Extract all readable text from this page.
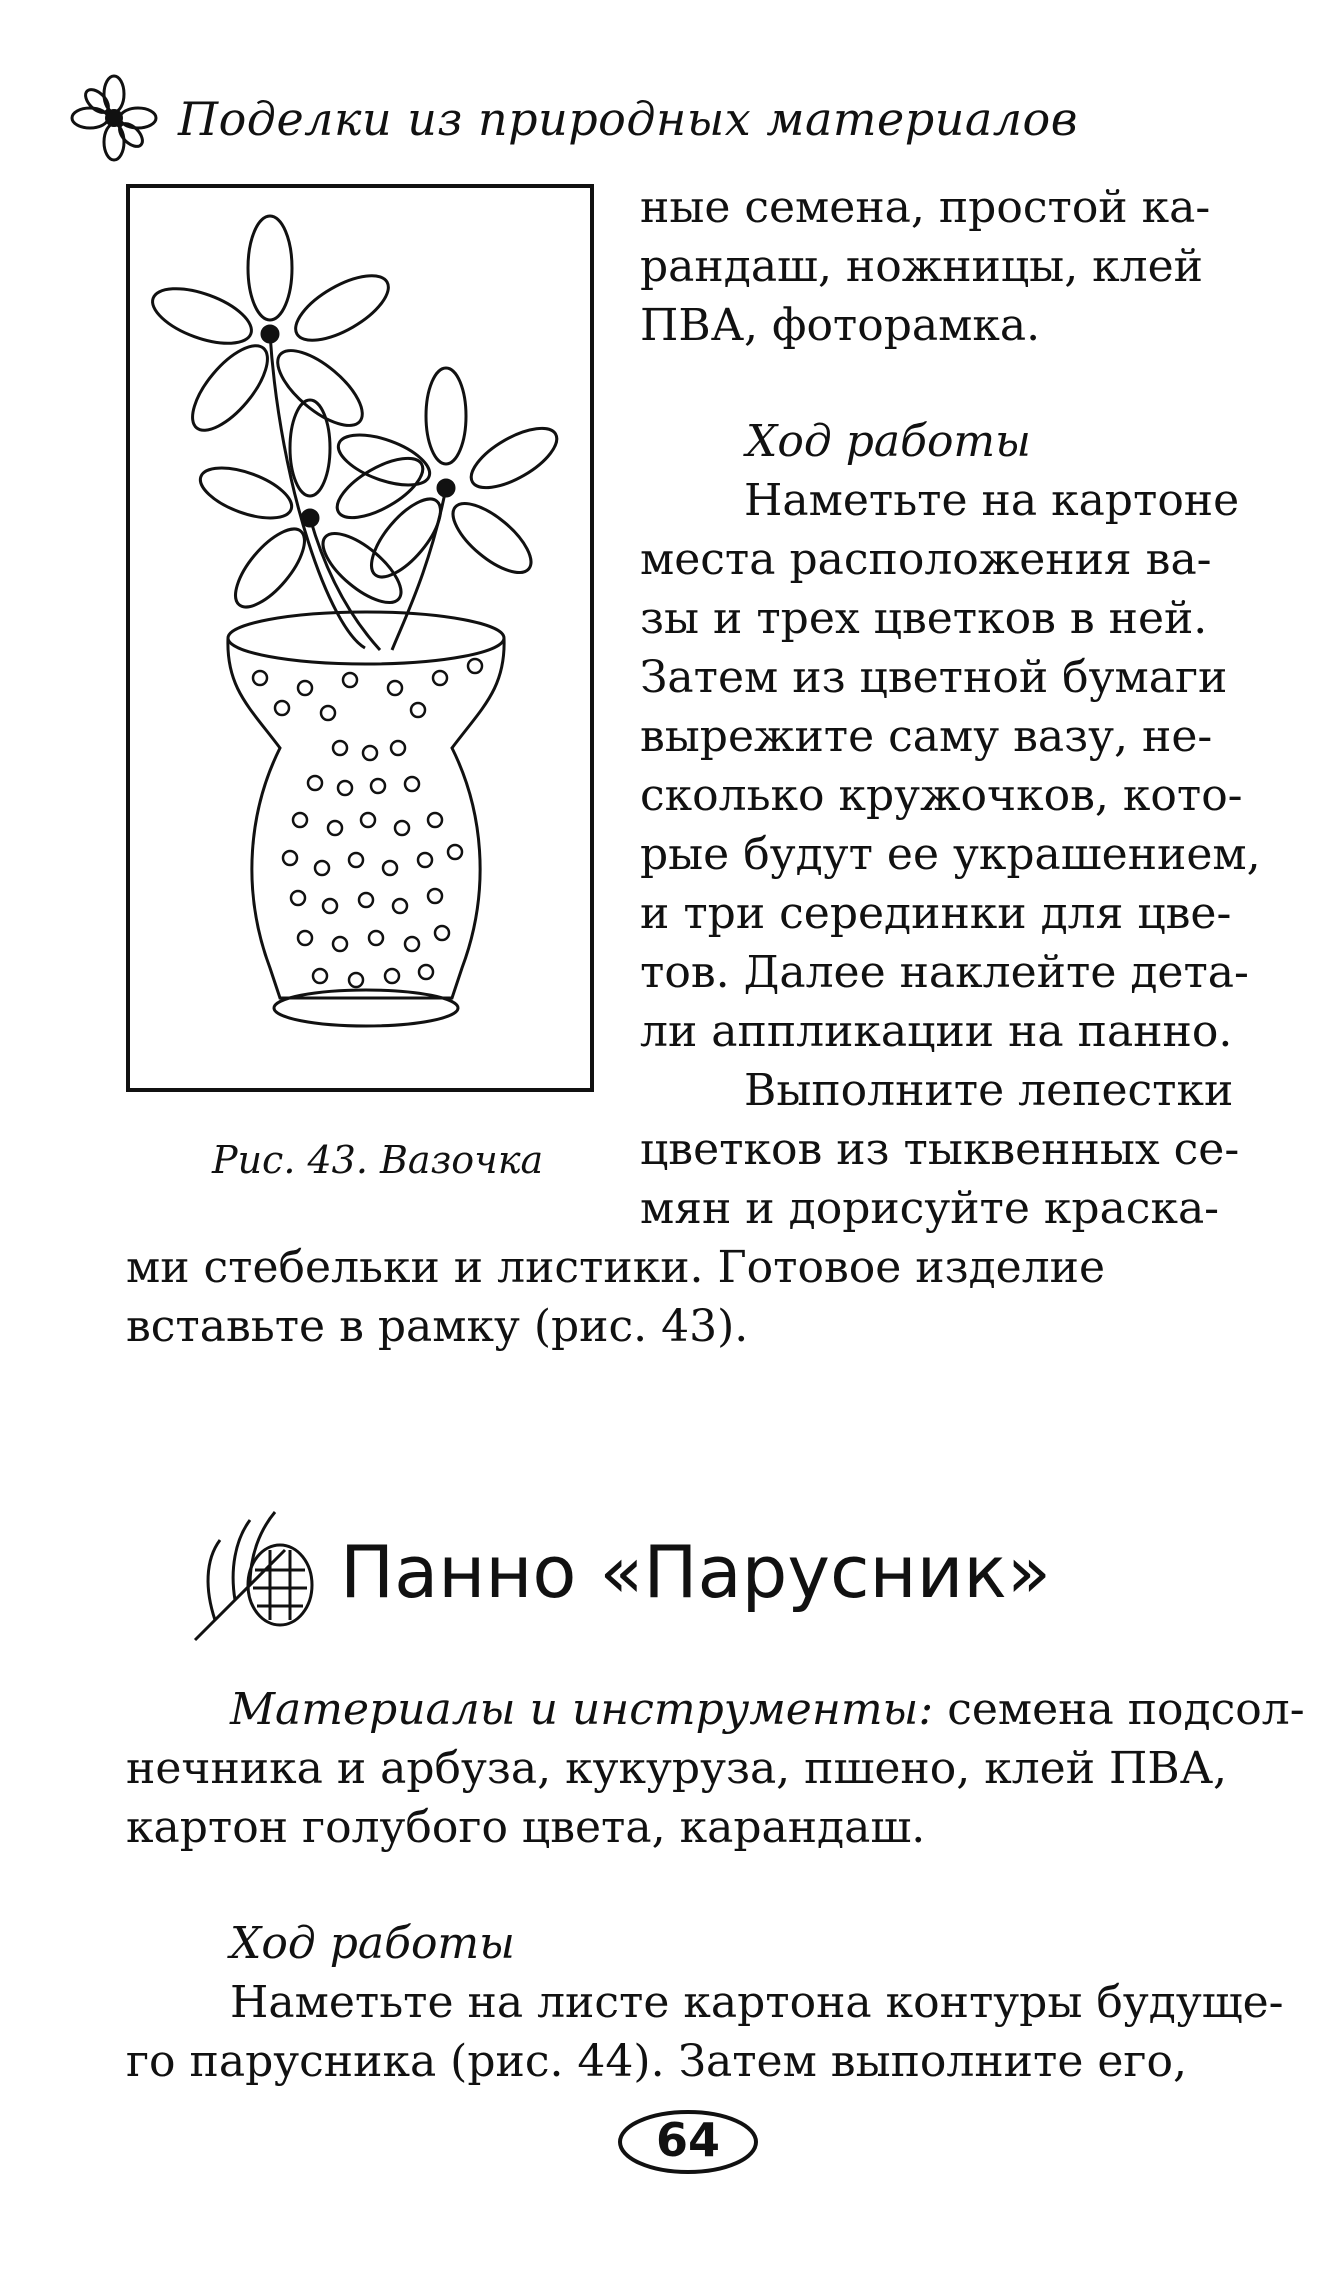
Поделки из природных материалов
Рис. 43. Вазочка
ные семена, простой ка-
рандаш, ножницы, клей
ПВА, фоторамка.
Ход работы
Наметьте на картоне
места расположения ва-
зы и трех цветков в ней.
Затем из цветной бумаги
вырежите саму вазу, не-
сколько кружочков, кото-
рые будут ее украшением,
и три серединки для цве-
тов. Далее наклейте дета-
ли аппликации на панно.
Выполните лепестки
цветков из тыквенных се-
мян и дорисуйте краска-
ми стебельки и листики. Готовое изделие
вставьте в рамку (рис. 43).
Панно «Парусник»
Материалы и инструменты: семена подсол-
нечника и арбуза, кукуруза, пшено, клей ПВА,
картон голубого цвета, карандаш.
Ход работы
Наметьте на листе картона контуры будуще-
го парусника (рис. 44). Затем выполните его,
64
